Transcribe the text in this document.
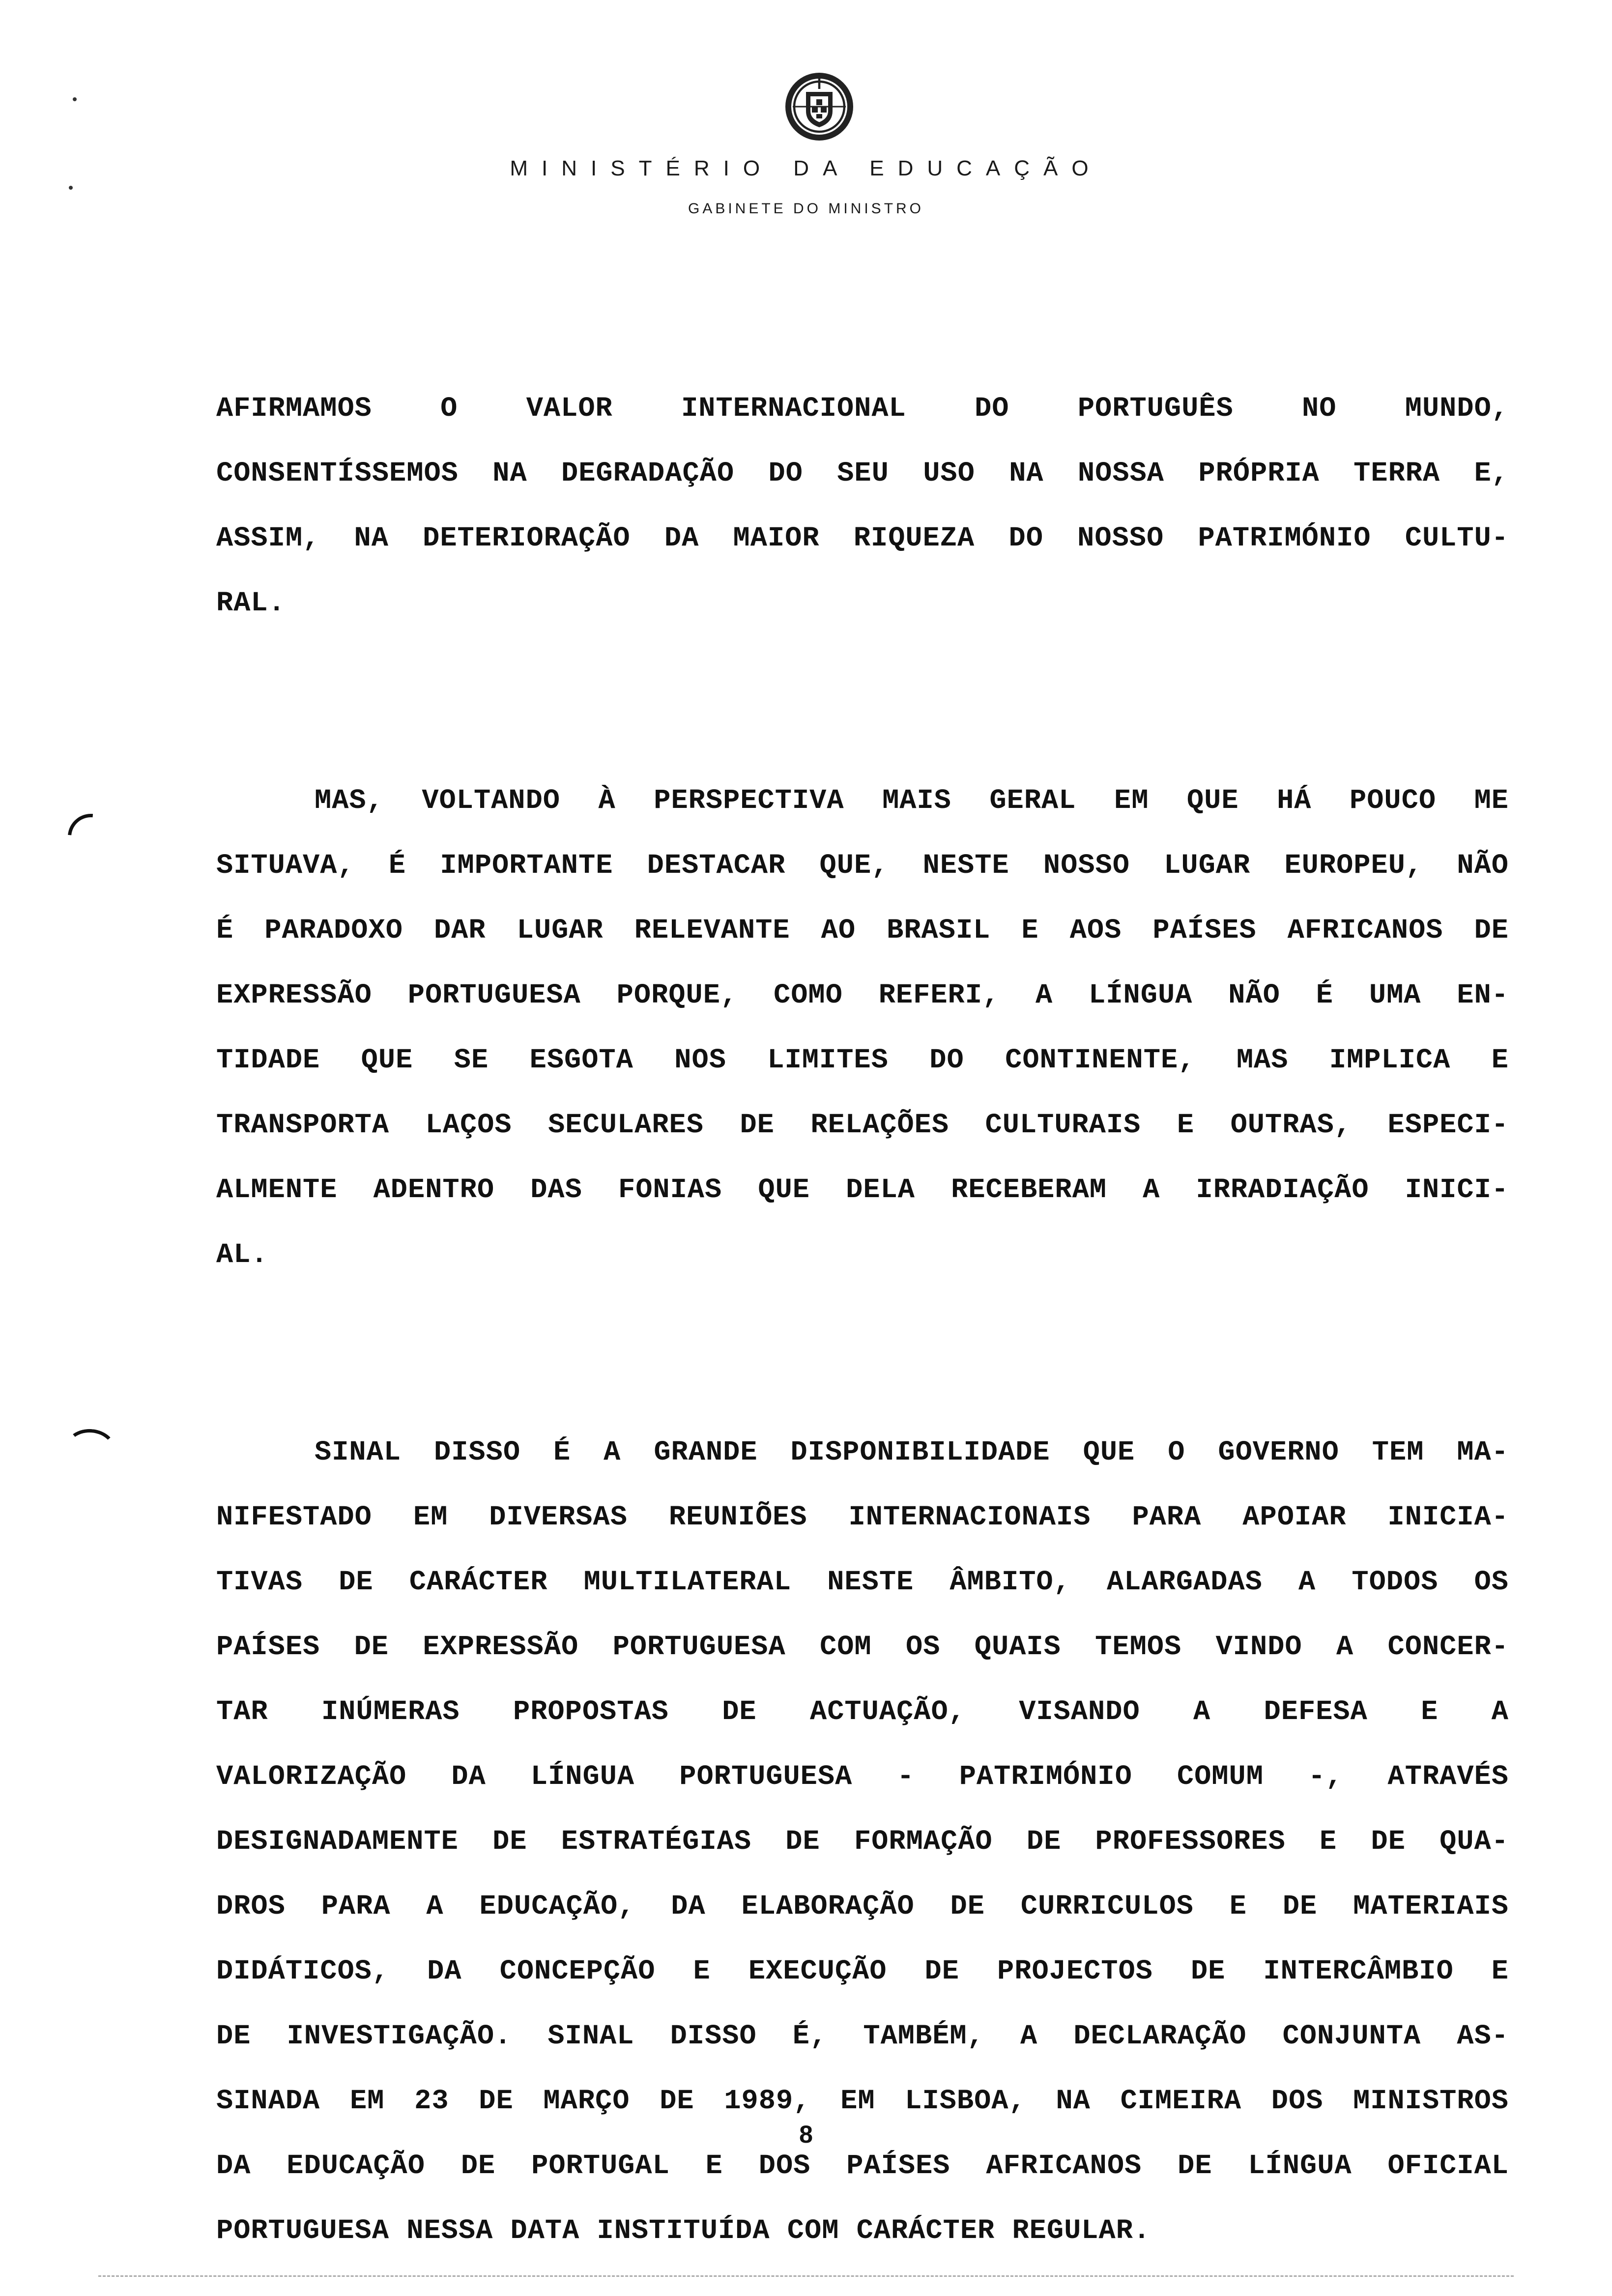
MINISTÉRIO DA EDUCAÇÃO
GABINETE DO MINISTRO
AFIRMAMOS O VALOR INTERNACIONAL DO PORTUGUÊS NO MUNDO,
CONSENTÍSSEMOS NA DEGRADAÇÃO DO SEU USO NA NOSSA PRÓPRIA TERRA E,
ASSIM, NA DETERIORAÇÃO DA MAIOR RIQUEZA DO NOSSO PATRIMÓNIO CULTU-
RAL.
MAS, VOLTANDO À PERSPECTIVA MAIS GERAL EM QUE HÁ POUCO ME
SITUAVA, É IMPORTANTE DESTACAR QUE, NESTE NOSSO LUGAR EUROPEU, NÃO
É PARADOXO DAR LUGAR RELEVANTE AO BRASIL E AOS PAÍSES AFRICANOS DE
EXPRESSÃO PORTUGUESA PORQUE, COMO REFERI, A LÍNGUA NÃO É UMA EN-
TIDADE QUE SE ESGOTA NOS LIMITES DO CONTINENTE, MAS IMPLICA E
TRANSPORTA LAÇOS SECULARES DE RELAÇÕES CULTURAIS E OUTRAS, ESPECI-
ALMENTE ADENTRO DAS FONIAS QUE DELA RECEBERAM A IRRADIAÇÃO INICI-
AL.
SINAL DISSO É A GRANDE DISPONIBILIDADE QUE O GOVERNO TEM MA-
NIFESTADO EM DIVERSAS REUNIÕES INTERNACIONAIS PARA APOIAR INICIA-
TIVAS DE CARÁCTER MULTILATERAL NESTE ÂMBITO, ALARGADAS A TODOS OS
PAÍSES DE EXPRESSÃO PORTUGUESA COM OS QUAIS TEMOS VINDO A CONCER-
TAR INÚMERAS PROPOSTAS DE ACTUAÇÃO, VISANDO A DEFESA E A
VALORIZAÇÃO DA LÍNGUA PORTUGUESA - PATRIMÓNIO COMUM -, ATRAVÉS
DESIGNADAMENTE DE ESTRATÉGIAS DE FORMAÇÃO DE PROFESSORES E DE QUA-
DROS PARA A EDUCAÇÃO, DA ELABORAÇÃO DE CURRICULOS E DE MATERIAIS
DIDÁTICOS, DA CONCEPÇÃO E EXECUÇÃO DE PROJECTOS DE INTERCÂMBIO E
DE INVESTIGAÇÃO. SINAL DISSO É, TAMBÉM, A DECLARAÇÃO CONJUNTA AS-
SINADA EM 23 DE MARÇO DE 1989, EM LISBOA, NA CIMEIRA DOS MINISTROS
DA EDUCAÇÃO DE PORTUGAL E DOS PAÍSES AFRICANOS DE LÍNGUA OFICIAL
PORTUGUESA NESSA DATA INSTITUÍDA COM CARÁCTER REGULAR.
8
